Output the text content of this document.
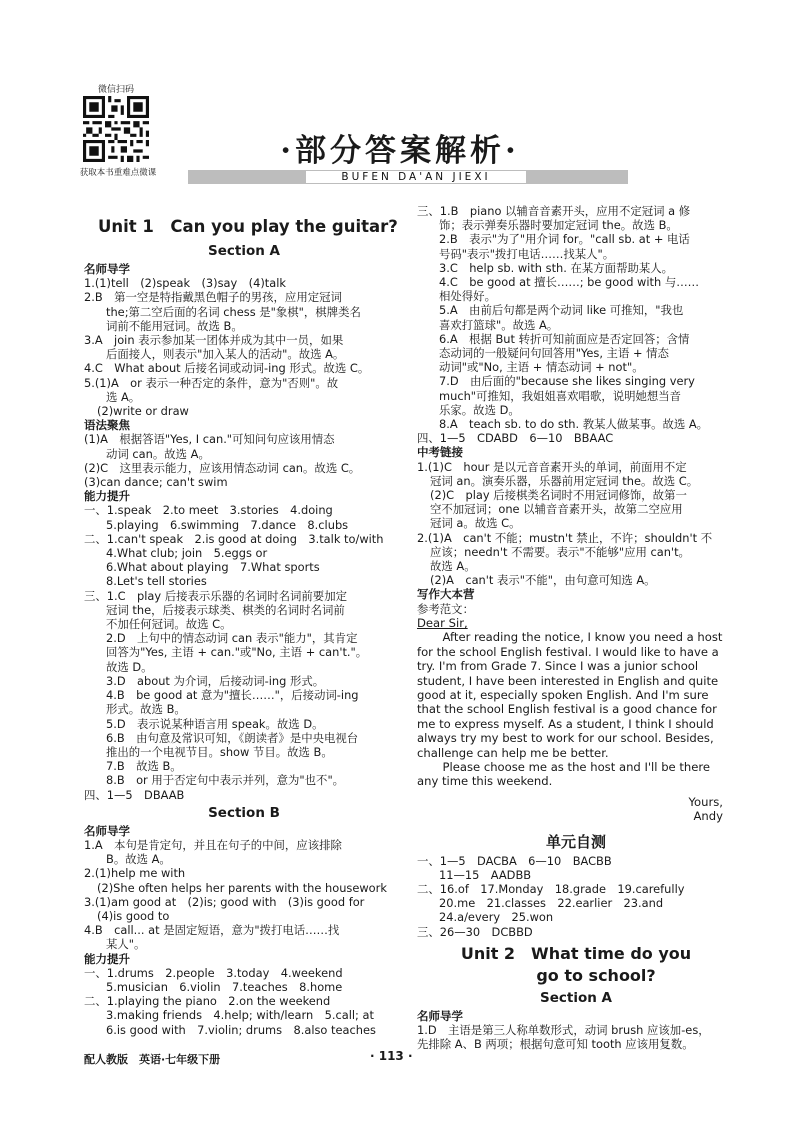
微信扫码
获取本书重难点微课
·部分答案解析·
BUFEN DA'AN JIEXI
Unit 1　Can you play the guitar?
Section A
名师导学
1.(1)tell　(2)speak　(3)say　(4)talk
2.B　第一空是特指戴黑色帽子的男孩，应用定冠词
the;第二空后面的名词 chess 是"象棋"，棋牌类名
词前不能用冠词。故选 B。
3.A　join 表示参加某一团体并成为其中一员，如果
后面接人，则表示"加入某人的活动"。故选 A。
4.C　What about 后接名词或动词-ing 形式。故选 C。
5.(1)A　or 表示一种否定的条件，意为"否则"。故
选 A。
(2)write or draw
语法聚焦
(1)A　根据答语"Yes, I can."可知问句应该用情态
动词 can。故选 A。
(2)C　这里表示能力，应该用情态动词 can。故选 C。
(3)can dance; can't swim
能力提升
一、1.speak　2.to meet　3.stories　4.doing
5.playing　6.swimming　7.dance　8.clubs
二、1.can't speak　2.is good at doing　3.talk to/with
4.What club; join　5.eggs or
6.What about playing　7.What sports
8.Let's tell stories
三、1.C　play 后接表示乐器的名词时名词前要加定
冠词 the，后接表示球类、棋类的名词时名词前
不加任何冠词。故选 C。
2.D　上句中的情态动词 can 表示"能力"，其肯定
回答为"Yes, 主语 + can."或"No, 主语 + can't."。
故选 D。
3.D　about 为介词，后接动词-ing 形式。
4.B　be good at 意为"擅长……"，后接动词-ing
形式。故选 B。
5.D　表示说某种语言用 speak。故选 D。
6.B　由句意及常识可知，《朗读者》是中央电视台
推出的一个电视节目。show 节目。故选 B。
7.B　故选 B。
8.B　or 用于否定句中表示并列，意为"也不"。
四、1—5　DBAAB
Section B
名师导学
1.A　本句是肯定句，并且在句子的中间，应该排除
B。故选 A。
2.(1)help me with
(2)She often helps her parents with the housework
3.(1)am good at　(2)is; good with　(3)is good for
(4)is good to
4.B　call... at 是固定短语，意为"拨打电话……找
某人"。
能力提升
一、1.drums　2.people　3.today　4.weekend
5.musician　6.violin　7.teaches　8.home
二、1.playing the piano　2.on the weekend
3.making friends　4.help; with/learn　5.call; at
6.is good with　7.violin; drums　8.also teaches
三、1.B　piano 以辅音音素开头，应用不定冠词 a 修
饰；表示弹奏乐器时要加定冠词 the。故选 B。
2.B　表示"为了"用介词 for。"call sb. at + 电话
号码"表示"拨打电话……找某人"。
3.C　help sb. with sth. 在某方面帮助某人。
4.C　be good at 擅长……; be good with 与……
相处得好。
5.A　由前后句都是两个动词 like 可推知，"我也
喜欢打篮球"。故选 A。
6.A　根据 But 转折可知前面应是否定回答；含情
态动词的一般疑问句回答用"Yes, 主语 + 情态
动词"或"No, 主语 + 情态动词 + not"。
7.D　由后面的"because she likes singing very
much"可推知，我姐姐喜欢唱歌，说明她想当音
乐家。故选 D。
8.A　teach sb. to do sth. 教某人做某事。故选 A。
四、1—5　CDABD　6—10　BBAAC
中考链接
1.(1)C　hour 是以元音音素开头的单词，前面用不定
冠词 an。演奏乐器，乐器前用定冠词 the。故选 C。
(2)C　play 后接棋类名词时不用冠词修饰，故第一
空不加冠词；one 以辅音音素开头，故第二空应用
冠词 a。故选 C。
2.(1)A　can't 不能；mustn't 禁止，不许；shouldn't 不
应该；needn't 不需要。表示"不能够"应用 can't。
故选 A。
(2)A　can't 表示"不能"，由句意可知选 A。
写作大本营
参考范文：

Dear Sir,

After reading the notice, I know you need a host for the school English festival. I would like to have a try. I'm from Grade 7. Since I was a junior school student, I have been interested in English and quite good at it, especially spoken English. And I'm sure that the school English festival is a good chance for me to express myself. As a student, I think I should always try my best to work for our school. Besides, challenge can help me be better.

Please choose me as the host and I'll be there any time this weekend.

Yours,

Andy

单元自测
一、1—5　DACBA　6—10　BACBB
11—15　AADBB
二、16.of　17.Monday　18.grade　19.carefully
20.me　21.classes　22.earlier　23.and
24.a/every　25.won
三、26—30　DCBBD
Unit 2　What time do you
go to school?
Section A
名师导学
1.D　主语是第三人称单数形式，动词 brush 应该加-es，
先排除 A、B 两项；根据句意可知 tooth 应该用复数。
配人教版　英语·七年级下册	· 113 ·
